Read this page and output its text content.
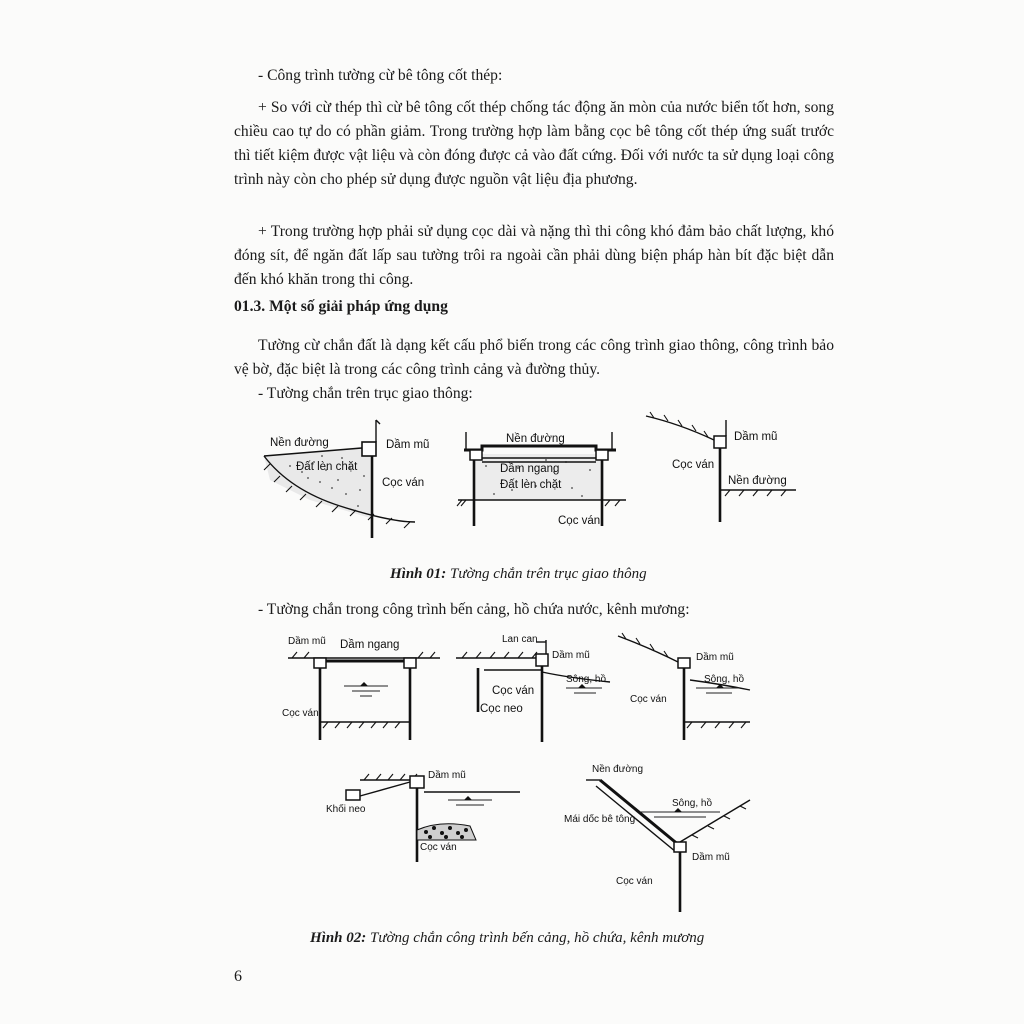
- Công trình tường cừ bê tông cốt thép:

+ So với cừ thép thì cừ bê tông cốt thép chống tác động ăn mòn của nước biển tốt hơn, song chiều cao tự do có phần giảm. Trong trường hợp làm bằng cọc bê tông cốt thép ứng suất trước thì tiết kiệm được vật liệu và còn đóng được cả vào đất cứng. Đối với nước ta sử dụng loại công trình này còn cho phép sử dụng được nguồn vật liệu địa phương.

+ Trong trường hợp phải sử dụng cọc dài và nặng thì thi công khó đảm bảo chất lượng, khó đóng sít, để ngăn đất lấp sau tường trôi ra ngoài cần phải dùng biện pháp hàn bít đặc biệt dẫn đến khó khăn trong thi công.

01.3. Một số giải pháp ứng dụng

Tường cừ chắn đất là dạng kết cấu phổ biến trong các công trình giao thông, công trình bảo vệ bờ, đặc biệt là trong các công trình cảng và đường thủy.

- Tường chắn trên trục giao thông:

Nền đường
Đất lèn chặt
Dầm mũ
Cọc ván
Nền đường
Dầm ngang
Đất lèn chặt
Cọc ván
Dầm mũ
Cọc ván
Nền đường

Hình 01: Tường chắn trên trục giao thông

- Tường chắn trong công trình bến cảng, hồ chứa nước, kênh mương:

Dầm mũ Dầm ngang
Cọc ván
Lan can
Dầm mũ
Sông, hồ
Cọc ván
Cọc neo
Dầm mũ
Sông, hồ
Cọc ván
Dầm mũ
Khối neo
Cọc ván
Nền đường
Sông, hồ
Mái dốc bê tông
Dầm mũ
Cọc ván

Hình 02: Tường chắn công trình bến cảng, hồ chứa, kênh mương

6
